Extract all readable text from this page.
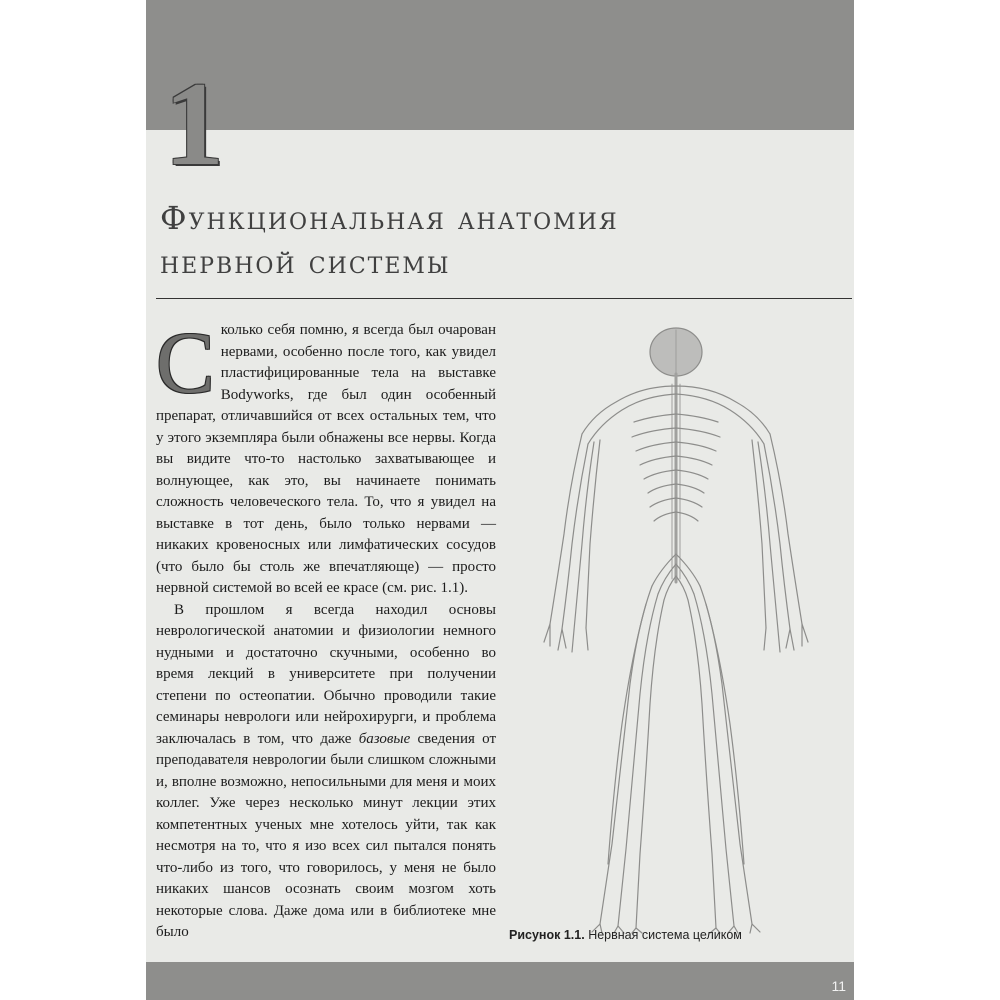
1
Функциональная анатомия
нервной системы

Сколько себя помню, я всегда был очарован нервами, особенно после того, как увидел пластифицированные тела на выставке Bodyworks, где был один особенный препарат, отличавшийся от всех остальных тем, что у этого экземпляра были обнажены все нервы. Когда вы видите что-то настолько захватывающее и волнующее, как это, вы начинаете понимать сложность человеческого тела. То, что я увидел на выставке в тот день, было только нервами — никаких кровеносных или лимфатических сосудов (что было бы столь же впечатляюще) — просто нервной системой во всей ее красе (см. рис. 1.1).

В прошлом я всегда находил основы неврологической анатомии и физиологии немного нудными и достаточно скучными, особенно во время лекций в университете при получении степени по остеопатии. Обычно проводили такие семинары неврологи или нейрохирурги, и проблема заключалась в том, что даже базовые сведения от преподавателя неврологии были слишком сложными и, вполне возможно, непосильными для меня и моих коллег. Уже через несколько минут лекции этих компетентных ученых мне хотелось уйти, так как несмотря на то, что я изо всех сил пытался понять что-либо из того, что говорилось, у меня не было никаких шансов осознать своим мозгом хоть некоторые слова. Даже дома или в библиотеке мне было	Рисунок 1.1. Нервная система целиком
11
